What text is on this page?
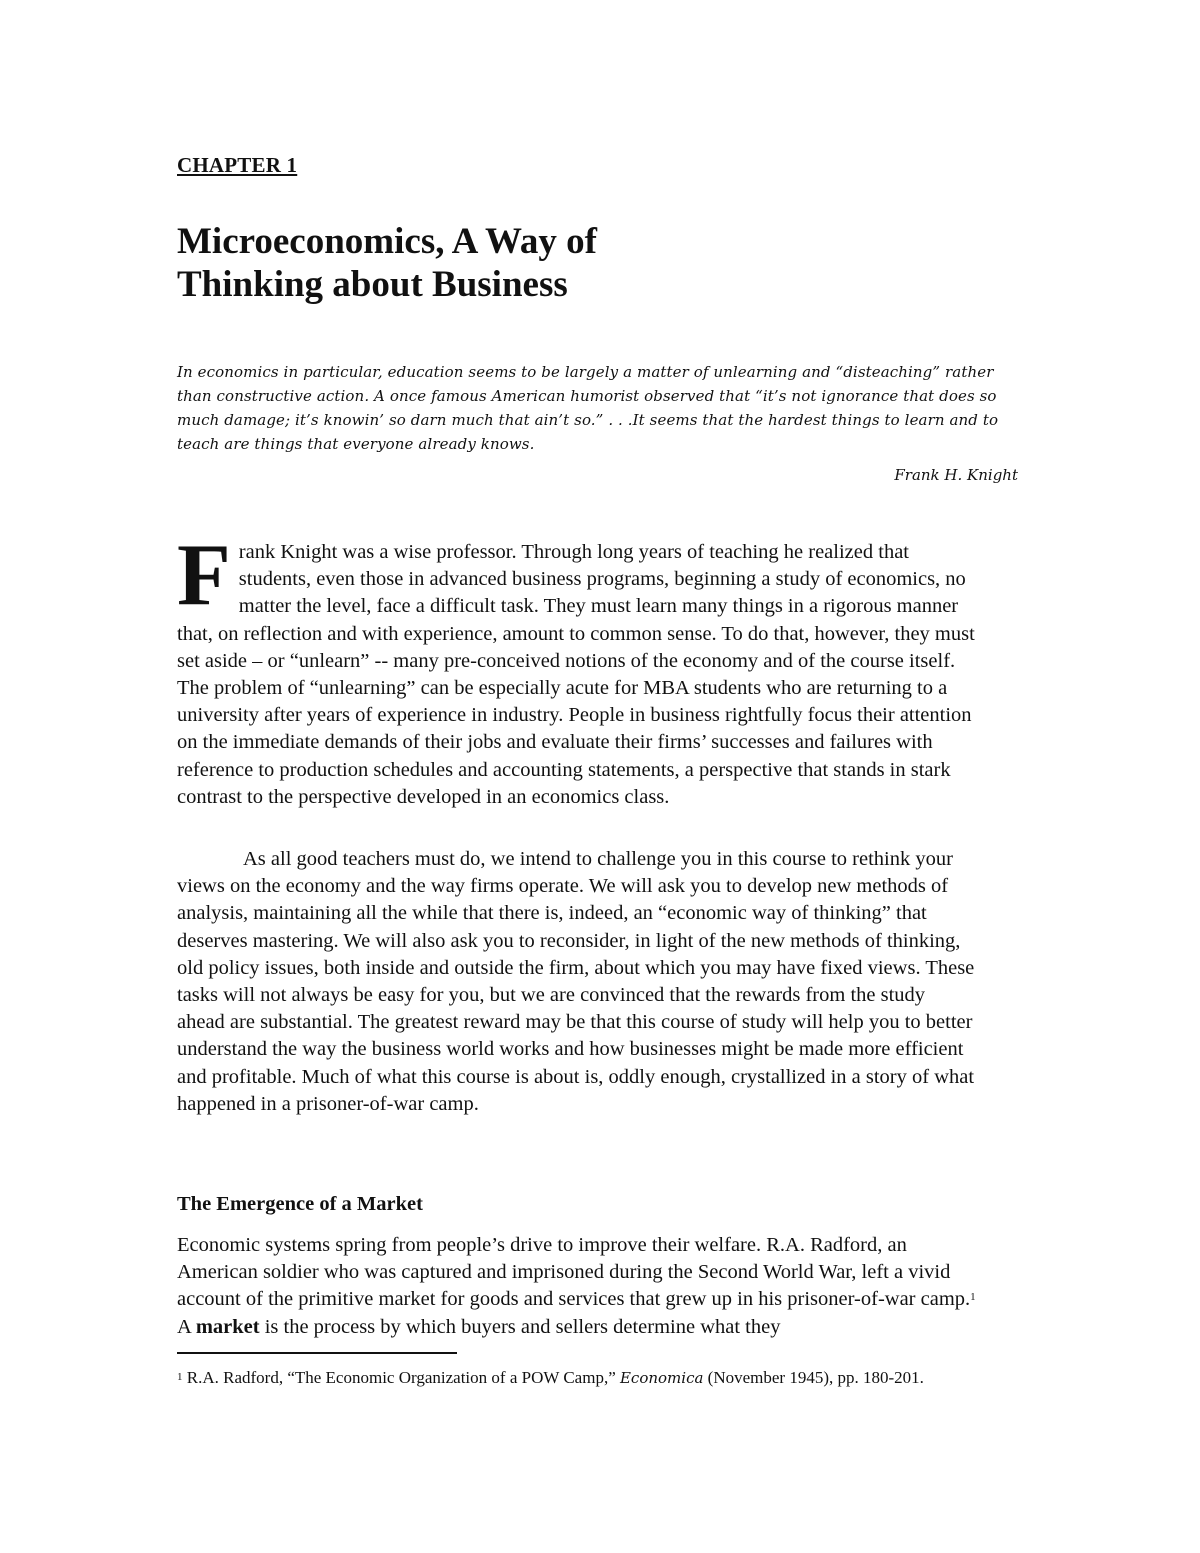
CHAPTER 1
Microeconomics, A Way of
Thinking about Business

In economics in particular, education seems to be largely a matter of unlearning and “disteaching” rather than constructive action. A once famous American humorist observed that “it’s not ignorance that does so much damage; it’s knowin’ so darn much that ain’t so.” . . .It seems that the hardest things to learn and to teach are things that everyone already knows.

Frank H. Knight
F rank Knight was a wise professor. Through long years of teaching he realized that students, even those in advanced business programs, beginning a study of economics, no matter the level, face a difficult task. They must learn many things in a rigorous manner that, on reflection and with experience, amount to common sense. To do that, however, they must set aside – or “unlearn” -- many pre-conceived notions of the economy and of the course itself. The problem of “unlearning” can be especially acute for MBA students who are returning to a university after years of experience in industry. People in business rightfully focus their attention on the immediate demands of their jobs and evaluate their firms’ successes and failures with reference to production schedules and accounting statements, a perspective that stands in stark contrast to the perspective developed in an economics class.

As all good teachers must do, we intend to challenge you in this course to rethink your views on the economy and the way firms operate. We will ask you to develop new methods of analysis, maintaining all the while that there is, indeed, an “economic way of thinking” that deserves mastering. We will also ask you to reconsider, in light of the new methods of thinking, old policy issues, both inside and outside the firm, about which you may have fixed views. These tasks will not always be easy for you, but we are convinced that the rewards from the study ahead are substantial. The greatest reward may be that this course of study will help you to better understand the way the business world works and how businesses might be made more efficient and profitable. Much of what this course is about is, oddly enough, crystallized in a story of what happened in a prisoner-of-war camp.

The Emergence of a Market

Economic systems spring from people’s drive to improve their welfare. R.A. Radford, an American soldier who was captured and imprisoned during the Second World War, left a vivid account of the primitive market for goods and services that grew up in his prisoner-of-war camp.$^1$ A market is the process by which buyers and sellers determine what they

$^1$ R.A. Radford, “The Economic Organization of a POW Camp,” Economica (November 1945), pp. 180-201.
